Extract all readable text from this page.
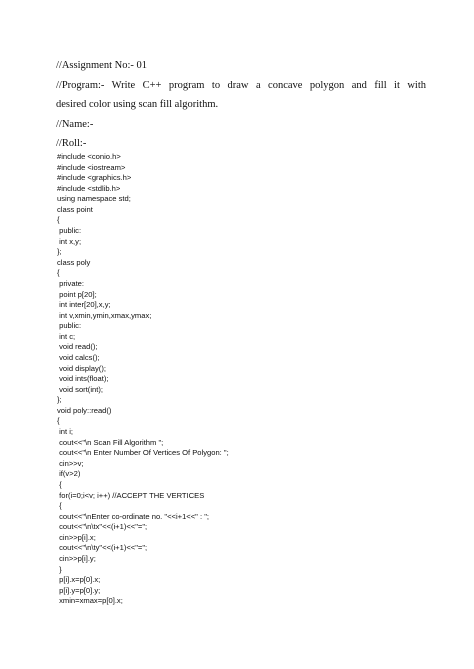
//Assignment No:- 01
//Program:- Write C++ program to draw a concave polygon and fill it with
desired color using scan fill algorithm.
//Name:-
//Roll:-
#include <conio.h>
#include <iostream>
#include <graphics.h>
#include <stdlib.h>
using namespace std;
class point
{
public:
int x,y;
};
class poly
{
private:
point p[20];
int inter[20],x,y;
int v,xmin,ymin,xmax,ymax;
public:
int c;
void read();
void calcs();
void display();
void ints(float);
void sort(int);
};
void poly::read()
{
int i;
cout<<"\n Scan Fill Algorithm ";
cout<<"\n Enter Number Of Vertices Of Polygon: ";
cin>>v;
if(v>2)
{
for(i=0;i<v; i++) //ACCEPT THE VERTICES
{
cout<<"\nEnter co-ordinate no. "<<i+1<<" : ";
cout<<"\n\tx"<<(i+1)<<"=";
cin>>p[i].x;
cout<<"\n\ty"<<(i+1)<<"=";
cin>>p[i].y;
}
p[i].x=p[0].x;
p[i].y=p[0].y;
xmin=xmax=p[0].x;
